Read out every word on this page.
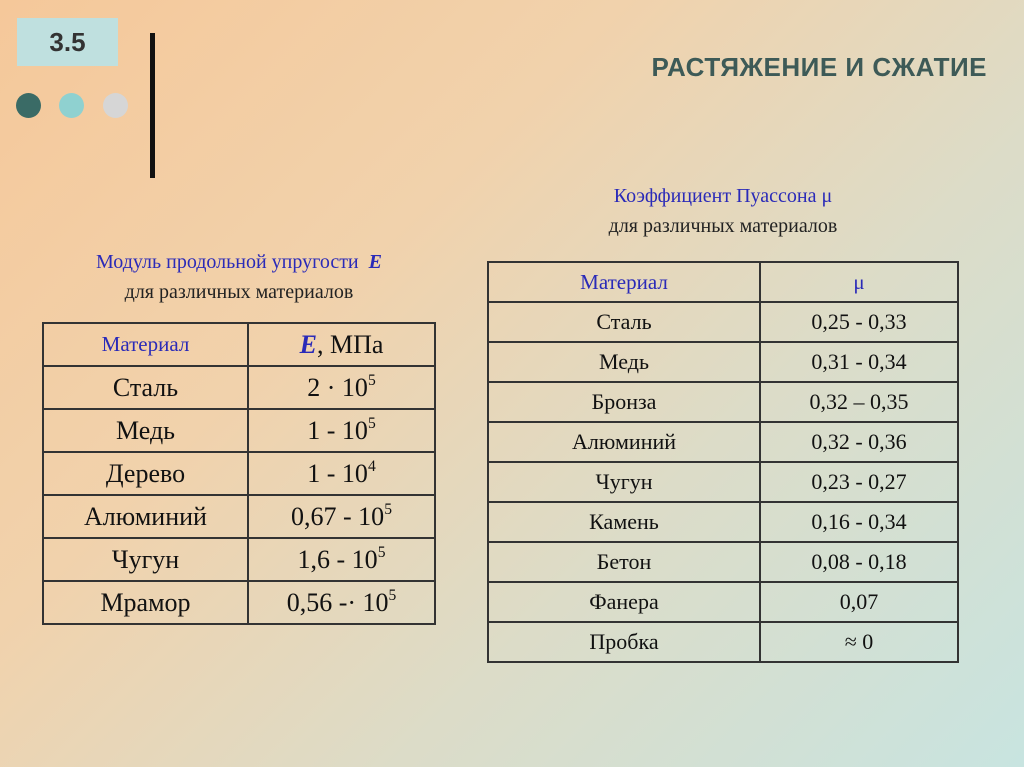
3.5
РАСТЯЖЕНИЕ И СЖАТИЕ
Модуль продольной упругости E
для различных материалов
Материал	E, МПа
Сталь	$2 \cdot 10^5$
Медь	$1 - 10^5$
Дерево	$1 - 10^4$
Алюминий	$0,67 - 10^5$
Чугун	$1,6 - 10^5$
Мрамор	$0,56 -\cdot 10^5$
Коэффициент Пуассона μ
для различных материалов
Материал	μ
Сталь	0,25 - 0,33
Медь	0,31 - 0,34
Бронза	0,32 – 0,35
Алюминий	0,32 - 0,36
Чугун	0,23 - 0,27
Камень	0,16 - 0,34
Бетон	0,08 - 0,18
Фанера	0,07
Пробка	≈ 0
